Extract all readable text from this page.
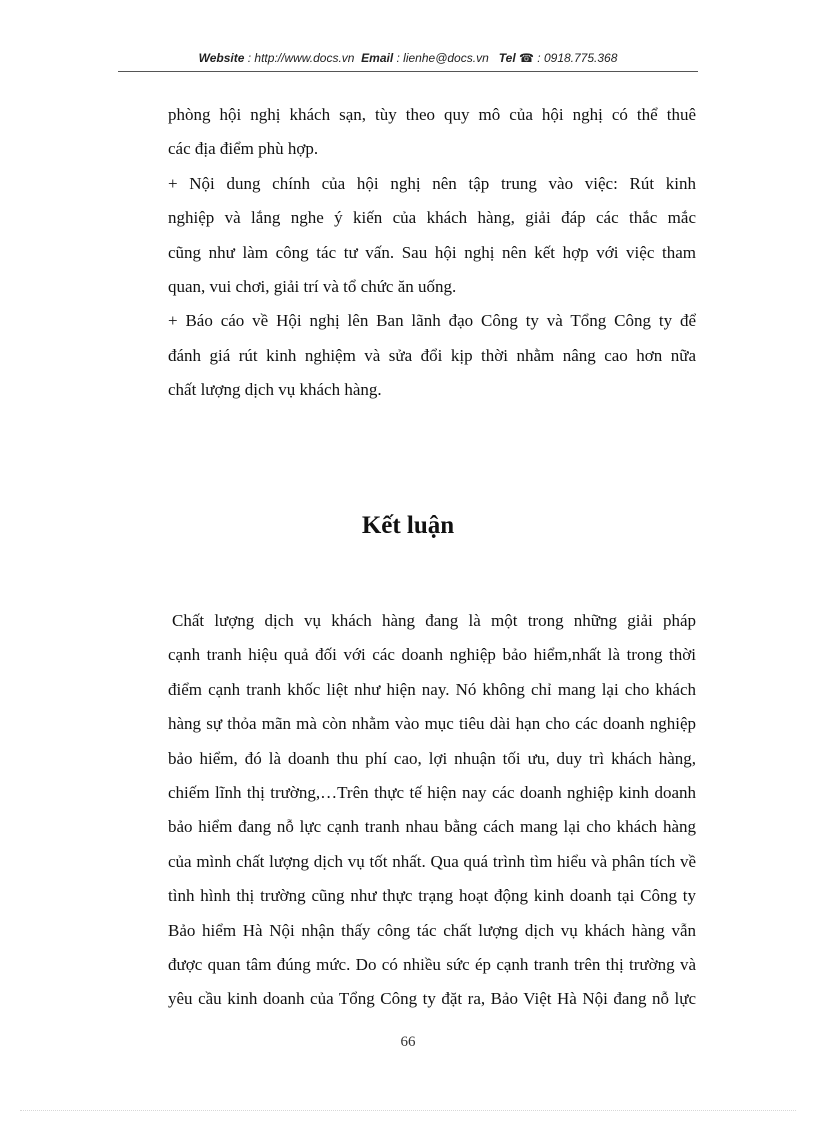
Website : http://www.docs.vn Email : lienhe@docs.vn Tel ☎ : 0918.775.368

phòng hội nghị khách sạn, tùy theo quy mô của hội nghị có thể thuê

các địa điểm phù hợp.

+ Nội dung chính của hội nghị nên tập trung vào việc: Rút kinh

nghiệp và lắng nghe ý kiến của khách hàng, giải đáp các thắc mắc

cũng như làm công tác tư vấn. Sau hội nghị nên kết hợp với việc tham

quan, vui chơi, giải trí và tổ chức ăn uống.

+ Báo cáo về Hội nghị lên Ban lãnh đạo Công ty và Tổng Công ty để

đánh giá rút kinh nghiệm và sửa đổi kịp thời nhằm nâng cao hơn nữa

chất lượng dịch vụ khách hàng.

Kết luận

Chất lượng dịch vụ khách hàng đang là một trong những giải pháp

cạnh tranh hiệu quả đối với các doanh nghiệp bảo hiểm,nhất là trong thời

điểm cạnh tranh khốc liệt như hiện nay. Nó không chỉ mang lại cho khách

hàng sự thỏa mãn mà còn nhằm vào mục tiêu dài hạn cho các doanh nghiệp

bảo hiểm, đó là doanh thu phí cao, lợi nhuận tối ưu, duy trì khách hàng,

chiếm lĩnh thị trường,…Trên thực tế hiện nay các doanh nghiệp kinh doanh

bảo hiểm đang nỗ lực cạnh tranh nhau bằng cách mang lại cho khách hàng

của mình chất lượng dịch vụ tốt nhất. Qua quá trình tìm hiểu và phân tích về

tình hình thị trường cũng như thực trạng hoạt động kinh doanh tại Công ty

Bảo hiểm Hà Nội nhận thấy công tác chất lượng dịch vụ khách hàng vẫn

được quan tâm đúng mức. Do có nhiều sức ép cạnh tranh trên thị trường và

yêu cầu kinh doanh của Tổng Công ty đặt ra, Bảo Việt Hà Nội đang nỗ lực

66
